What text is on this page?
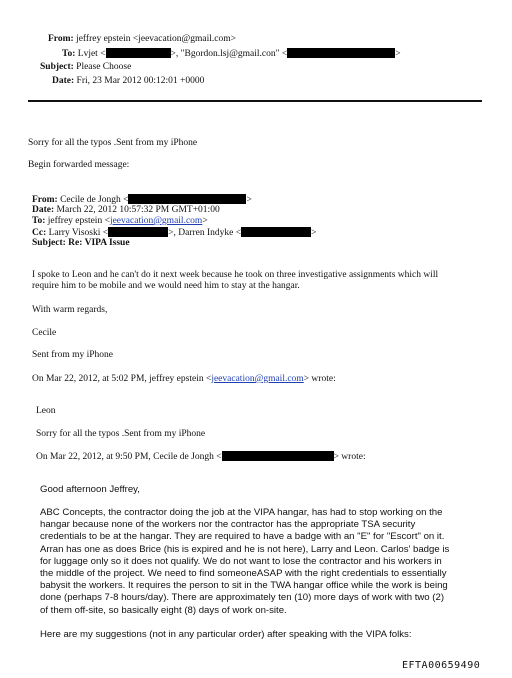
From: jeffrey epstein <jeevacation@gmail.com>
To: Lvjet <	>, "Bgordon.lsj@gmail.con" <	>
Subject: Please Choose
Date: Fri, 23 Mar 2012 00:12:01 +0000
Sorry for all the typos .Sent from my iPhone
Begin forwarded message:
From: Cecile de Jongh <	>
Date: March 22, 2012 10:57:32 PM GMT+01:00
To: jeffrey epstein <jeevacation@gmail.com>
Cc: Larry Visoski <	>, Darren Indyke <	>
Subject: Re: VIPA Issue
I spoke to Leon and he can't do it next week because he took on three investigative assignments which will
require him to be mobile and we would need him to stay at the hangar.
With warm regards,
Cecile
Sent from my iPhone
On Mar 22, 2012, at 5:02 PM, jeffrey epstein <jeevacation@gmail.com> wrote:
Leon
Sorry for all the typos .Sent from my iPhone
On Mar 22, 2012, at 9:50 PM, Cecile de Jongh <	> wrote:
Good afternoon Jeffrey,
ABC Concepts, the contractor doing the job at the VIPA hangar, has had to stop working on the
hangar because none of the workers nor the contractor has the appropriate TSA security
credentials to be at the hangar. They are required to have a badge with an "E" for "Escort" on it.
Arran has one as does Brice (his is expired and he is not here), Larry and Leon. Carlos' badge is
for luggage only so it does not qualify. We do not want to lose the contractor and his workers in
the middle of the project. We need to find someoneASAP with the right credentials to essentially
babysit the workers. It requires the person to sit in the TWA hangar office while the work is being
done (perhaps 7-8 hours/day). There are approximately ten (10) more days of work with two (2)
of them off-site, so basically eight (8) days of work on-site.
Here are my suggestions (not in any particular order) after speaking with the VIPA folks:
EFTA00659490
